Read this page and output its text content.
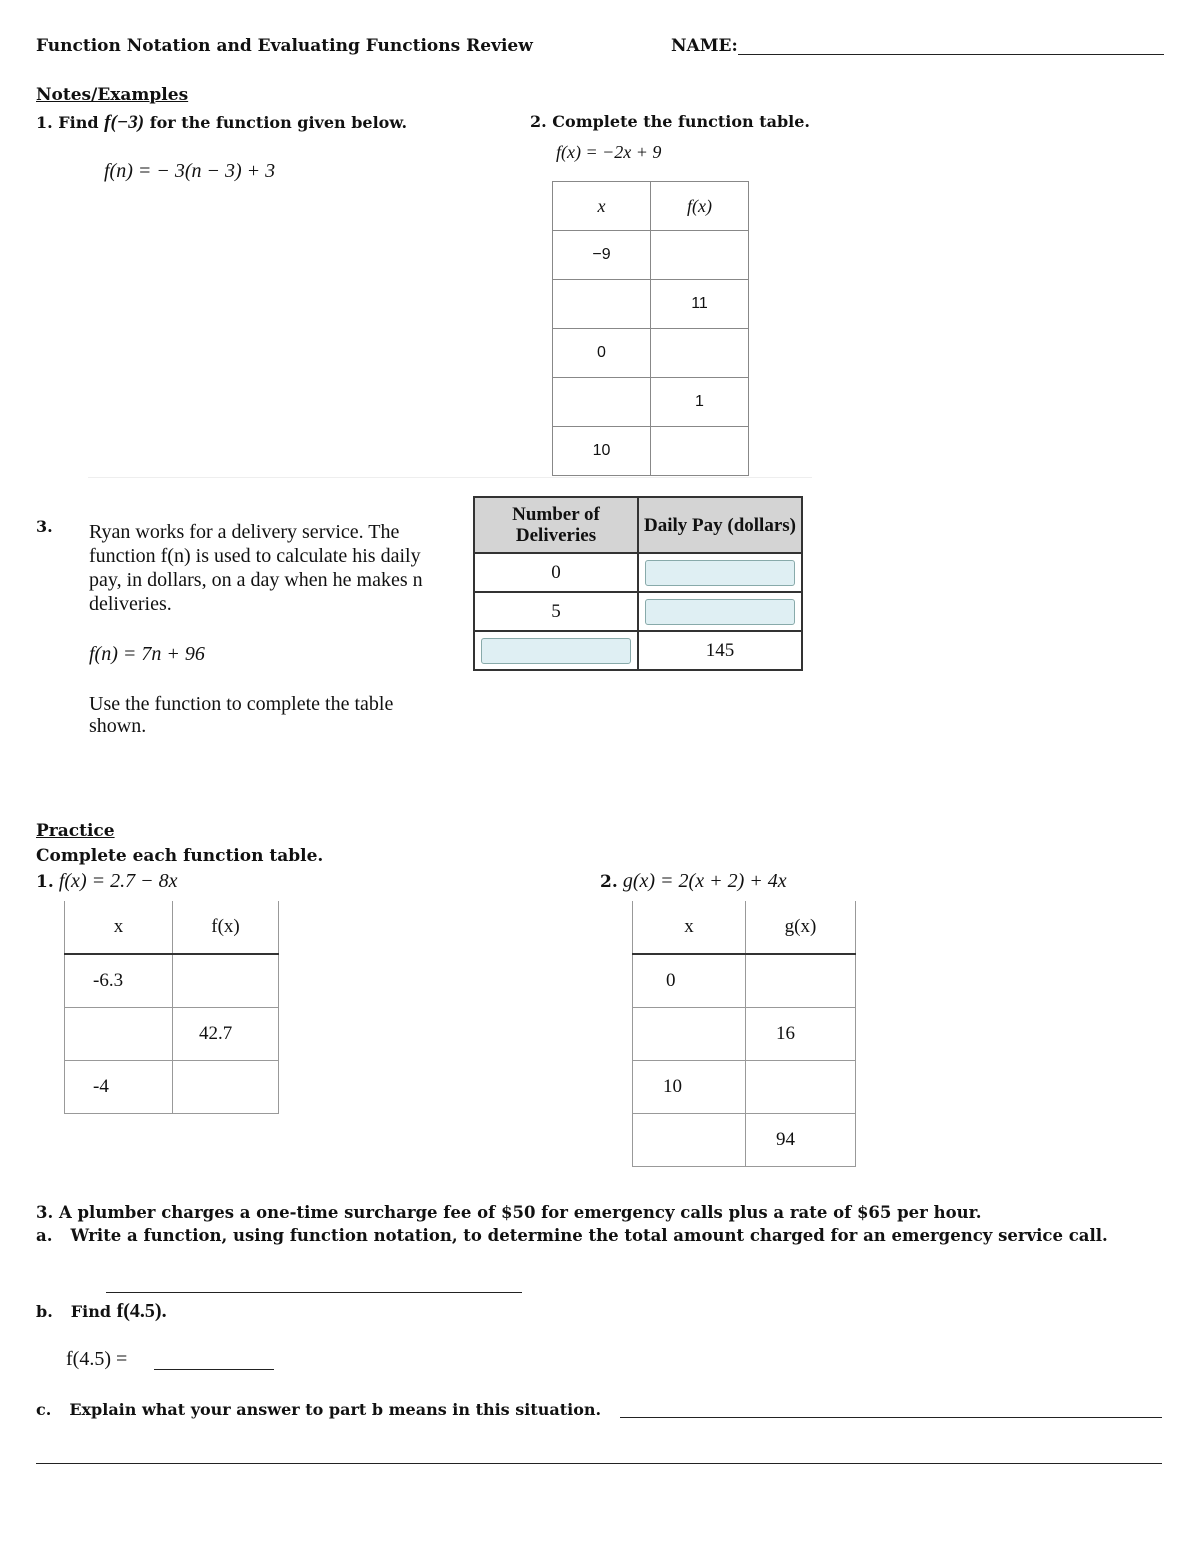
Function Notation and Evaluating Functions Review	NAME:
Notes/Examples
1. Find f(−3) for the function given below.
f(n) = − 3(n − 3) + 3
2. Complete the function table.
f(x) = −2x + 9
x	f(x)
−9	
	11
0	
	1
10	
3. Ryan works for a delivery service. The function f(n) is used to calculate his daily pay, in dollars, on a day when he makes n deliveries.
f(n) = 7n + 96
Use the function to complete the table shown.
Number of Deliveries	Daily Pay (dollars)
0	
5	
	145
Practice
Complete each function table.
1. f(x) = 2.7 − 8x
x	f(x)
-6.3	
	42.7
-4	
2. g(x) = 2(x + 2) + 4x
x	g(x)
0	
	16
10	
	94
3. A plumber charges a one-time surcharge fee of $50 for emergency calls plus a rate of $65 per hour.
a. Write a function, using function notation, to determine the total amount charged for an emergency service call.
b. Find f(4.5).
f(4.5) =
c. Explain what your answer to part b means in this situation.
